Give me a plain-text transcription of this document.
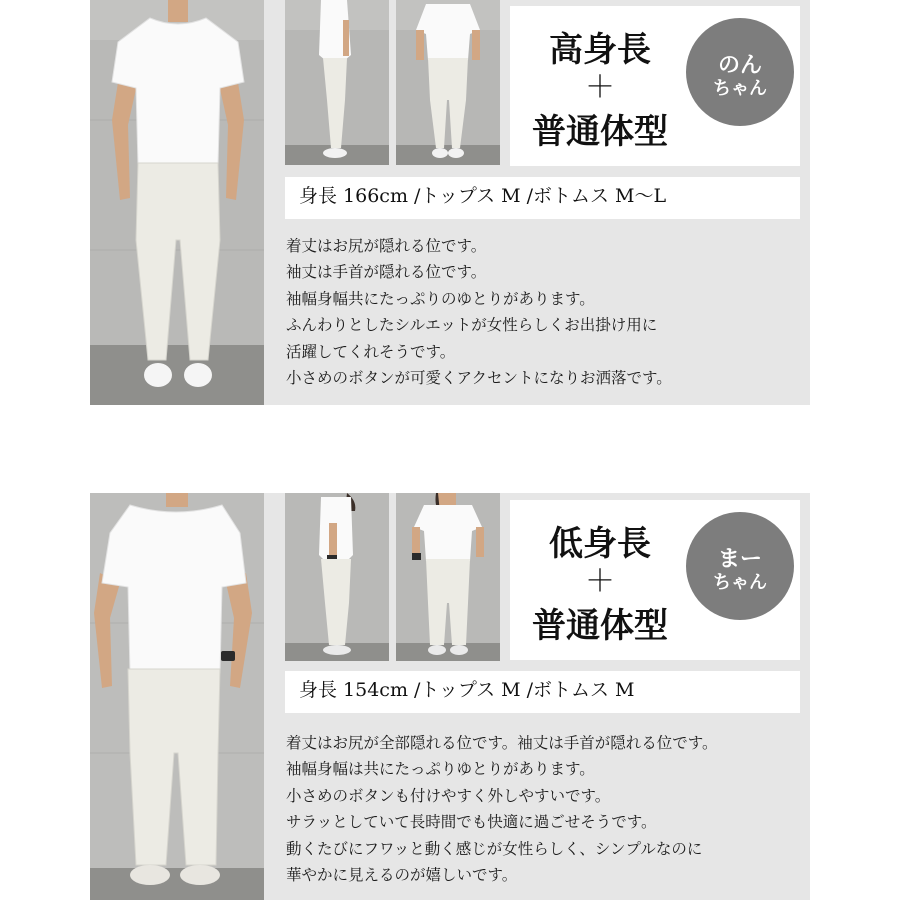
高身長
＋
普通体型
のん
ちゃん
身長 166cm /トップス M /ボトムス M〜L
着丈はお尻が隠れる位です。
袖丈は手首が隠れる位です。
袖幅身幅共にたっぷりのゆとりがあります。
ふんわりとしたシルエットが女性らしくお出掛け用に
活躍してくれそうです。
小さめのボタンが可愛くアクセントになりお洒落です。
低身長
＋
普通体型
まー
ちゃん
身長 154cm /トップス M /ボトムス M
着丈はお尻が全部隠れる位です。袖丈は手首が隠れる位です。
袖幅身幅は共にたっぷりゆとりがあります。
小さめのボタンも付けやすく外しやすいです。
サラッとしていて長時間でも快適に過ごせそうです。
動くたびにフワッと動く感じが女性らしく、シンプルなのに
華やかに見えるのが嬉しいです。
